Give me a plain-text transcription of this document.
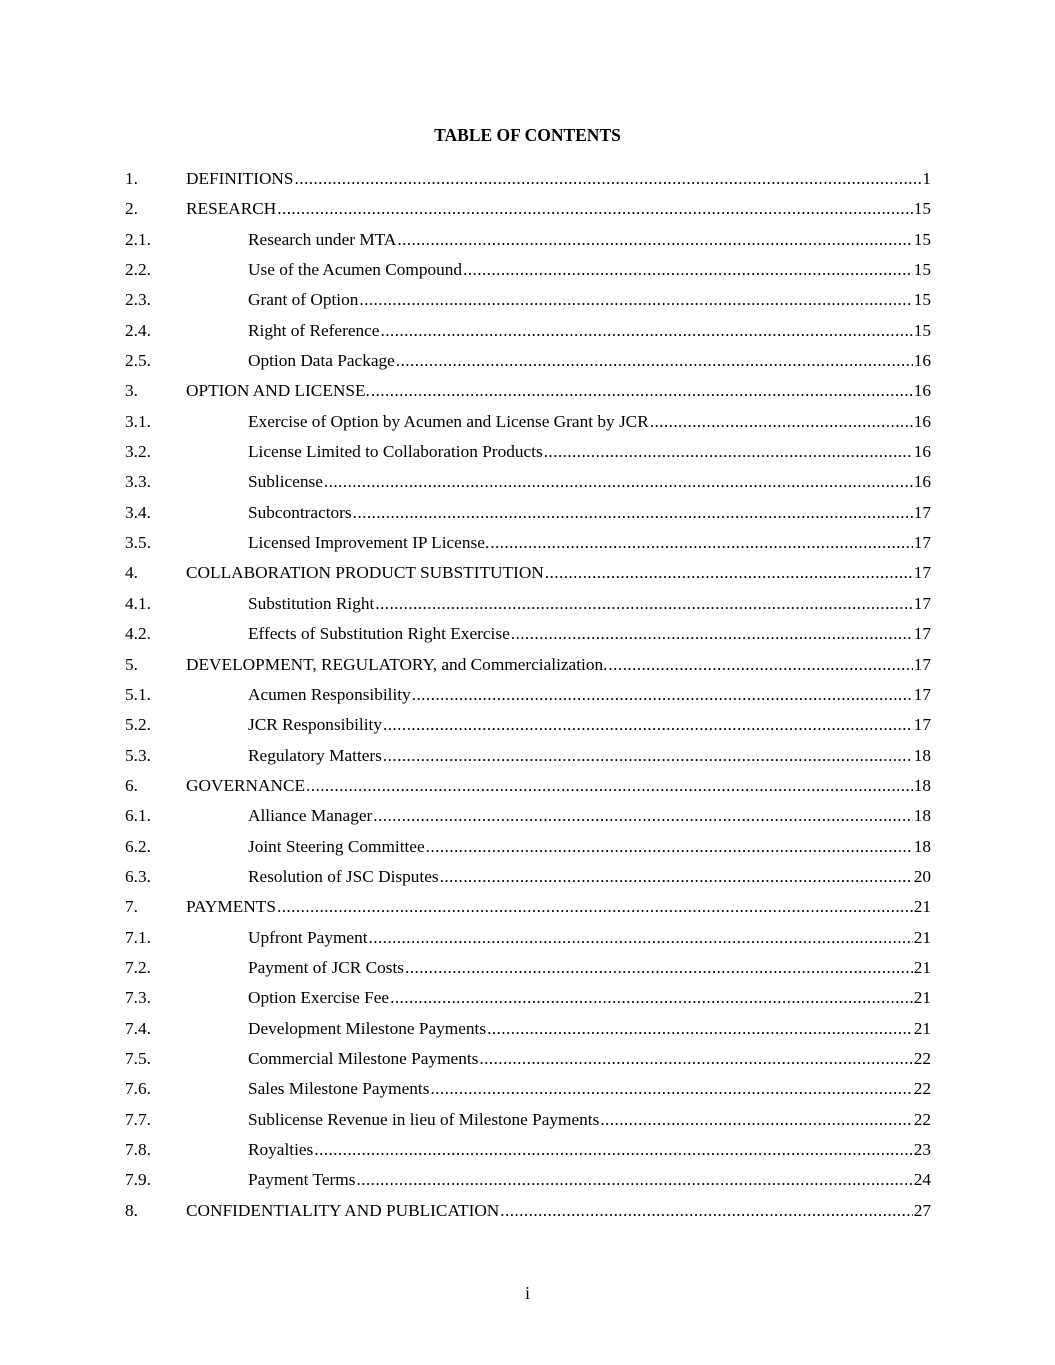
TABLE OF CONTENTS
1.	DEFINITIONS .....	1
2.	RESEARCH .....	15
2.1.	Research under MTA .....	15
2.2.	Use of the Acumen Compound .....	15
2.3.	Grant of Option .....	15
2.4.	Right of Reference .....	15
2.5.	Option Data Package .....	16
3.	OPTION AND LICENSE. .....	16
3.1.	Exercise of Option by Acumen and License Grant by JCR .....	16
3.2.	License Limited to Collaboration Products .....	16
3.3.	Sublicense .....	16
3.4.	Subcontractors .....	17
3.5.	Licensed Improvement IP License. .....	17
4.	COLLABORATION PRODUCT SUBSTITUTION .....	17
4.1.	Substitution Right .....	17
4.2.	Effects of Substitution Right Exercise .....	17
5.	DEVELOPMENT, REGULATORY, and Commercialization. .....	17
5.1.	Acumen Responsibility .....	17
5.2.	JCR Responsibility .....	17
5.3.	Regulatory Matters .....	18
6.	GOVERNANCE .....	18
6.1.	Alliance Manager .....	18
6.2.	Joint Steering Committee .....	18
6.3.	Resolution of JSC Disputes .....	20
7.	PAYMENTS .....	21
7.1.	Upfront Payment .....	21
7.2.	Payment of JCR Costs .....	21
7.3.	Option Exercise Fee .....	21
7.4.	Development Milestone Payments .....	21
7.5.	Commercial Milestone Payments .....	22
7.6.	Sales Milestone Payments .....	22
7.7.	Sublicense Revenue in lieu of Milestone Payments .....	22
7.8.	Royalties .....	23
7.9.	Payment Terms .....	24
8.	CONFIDENTIALITY AND PUBLICATION .....	27
i
